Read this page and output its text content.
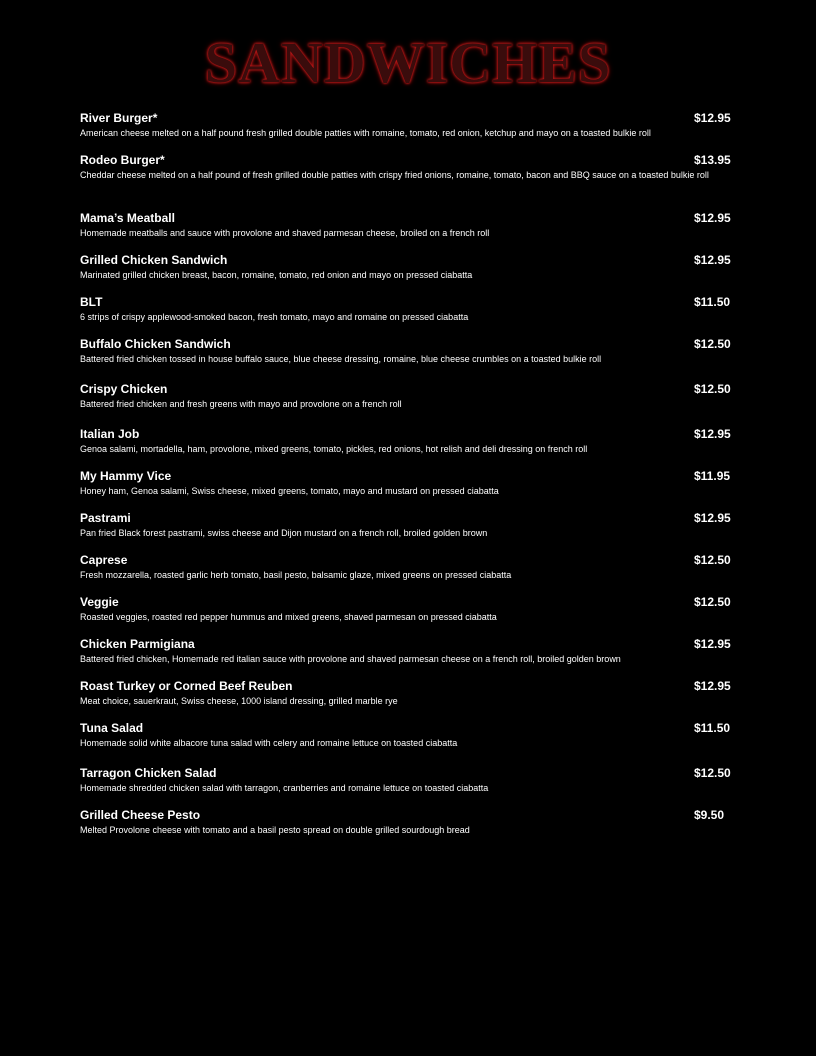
SANDWICHES
River Burger*	$12.95
American cheese melted on a half pound fresh grilled double patties with romaine, tomato, red onion, ketchup and mayo on a toasted bulkie roll
Rodeo Burger*	$13.95
Cheddar cheese melted on a half pound of fresh grilled double patties with crispy fried onions, romaine, tomato, bacon and BBQ sauce on a toasted bulkie roll
Mama’s Meatball	$12.95
Homemade meatballs and sauce with provolone and shaved parmesan cheese, broiled on a french roll
Grilled Chicken Sandwich	$12.95
Marinated grilled chicken breast, bacon, romaine, tomato, red onion and mayo on pressed ciabatta
BLT	$11.50
6 strips of crispy applewood-smoked bacon, fresh tomato, mayo and romaine on pressed ciabatta
Buffalo Chicken Sandwich	$12.50
Battered fried chicken tossed in house buffalo sauce, blue cheese dressing, romaine, blue cheese crumbles on a toasted bulkie roll
Crispy Chicken	$12.50
Battered fried chicken and fresh greens with mayo and provolone on a french roll
Italian Job	$12.95
Genoa salami, mortadella, ham, provolone, mixed greens, tomato, pickles, red onions, hot relish and deli dressing on french roll
My Hammy Vice	$11.95
Honey ham, Genoa salami, Swiss cheese, mixed greens, tomato, mayo and mustard on pressed ciabatta
Pastrami	$12.95
Pan fried Black forest pastrami, swiss cheese and Dijon mustard on a french roll, broiled golden brown
Caprese	$12.50
Fresh mozzarella, roasted garlic herb tomato, basil pesto, balsamic glaze, mixed greens on pressed ciabatta
Veggie	$12.50
Roasted veggies, roasted red pepper hummus and mixed greens, shaved parmesan on pressed ciabatta
Chicken Parmigiana	$12.95
Battered fried chicken, Homemade red italian sauce with provolone and shaved parmesan cheese on a french roll, broiled golden brown
Roast Turkey or Corned Beef Reuben	$12.95
Meat choice, sauerkraut, Swiss cheese, 1000 island dressing, grilled marble rye
Tuna Salad	$11.50
Homemade solid white albacore tuna salad with celery and romaine lettuce on toasted ciabatta
Tarragon Chicken Salad	$12.50
Homemade shredded chicken salad with tarragon, cranberries and romaine lettuce on toasted ciabatta
Grilled Cheese Pesto	$9.50
Melted Provolone cheese with tomato and a basil pesto spread on double grilled sourdough bread
